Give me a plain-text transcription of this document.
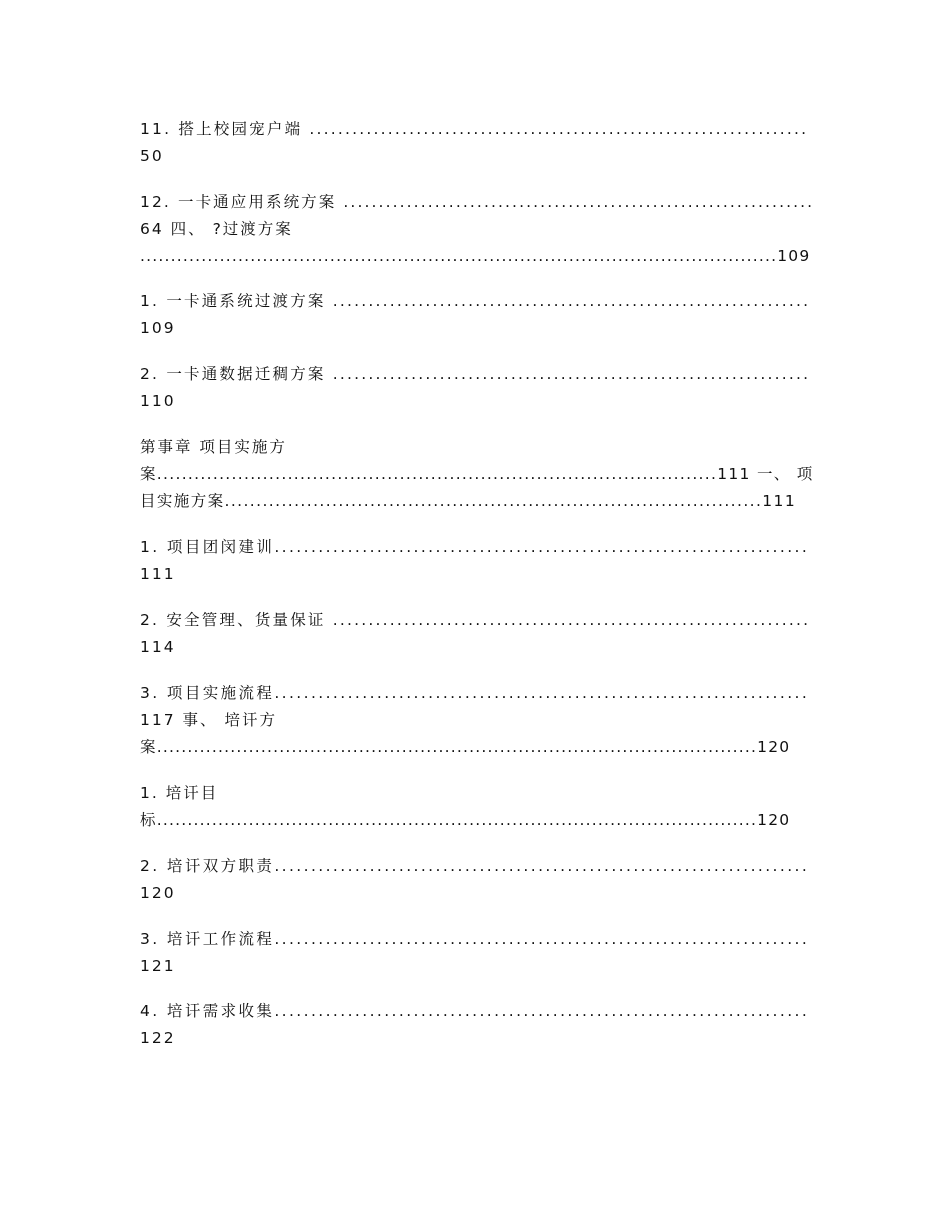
11. 搭上校园宠户端 ......................................................................
50
12. 一卡通应用系统方案 ...................................................................
64 四、 ?过渡方案
........................................................................................................109
1. 一卡通系统过渡方案 ...................................................................
109
2. 一卡通数据迁稠方案 ...................................................................
110
第事章 项目实施方
案..........................................................................................111 一、 项
目实施方案.....................................................................................111
1. 项目团闵建训.........................................................................
111
2. 安全管理、货量保证 ...................................................................
114
3. 项目实施流程.........................................................................
117 事、 培讦方
案..................................................................................................120
1. 培讦目
标..................................................................................................120
2. 培讦双方职责.........................................................................
120
3. 培讦工作流程.........................................................................
121
4. 培讦需求收集.........................................................................
122
